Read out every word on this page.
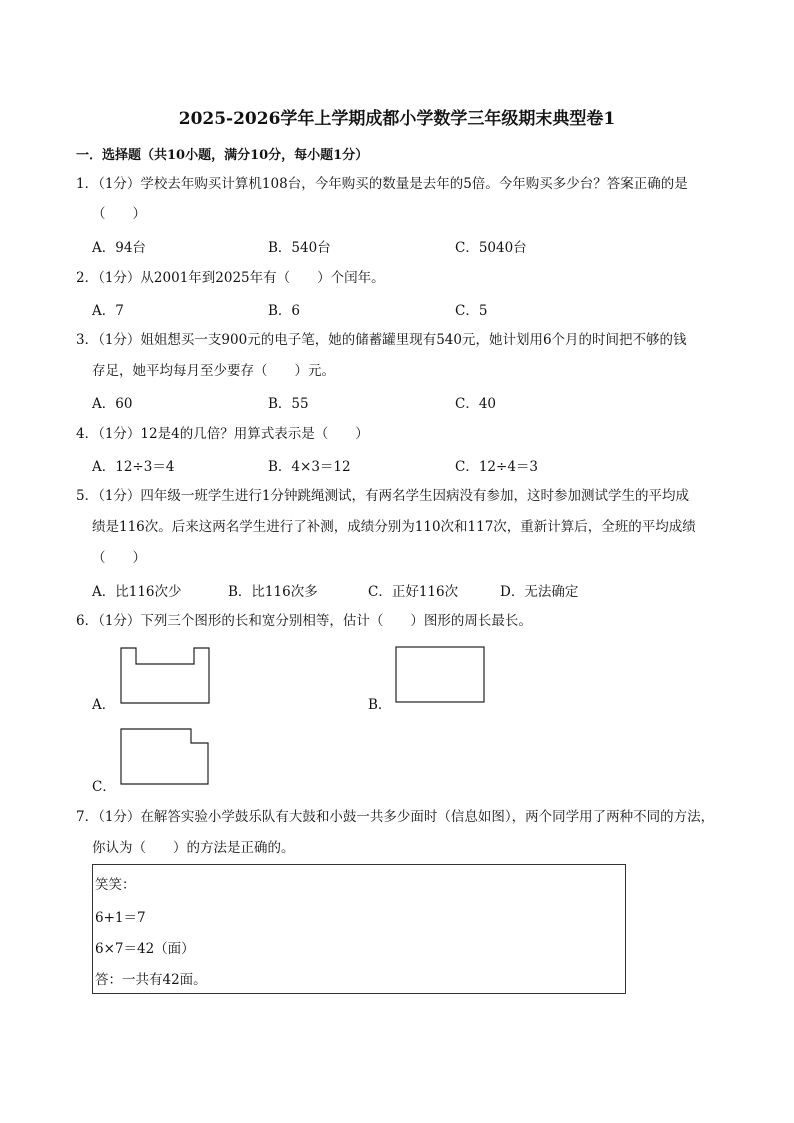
2025-2026学年上学期成都小学数学三年级期末典型卷1
一．选择题（共10小题，满分10分，每小题1分）
1．（1分）学校去年购买计算机108台，今年购买的数量是去年的5倍。今年购买多少台？答案正确的是
（　　）
A．94台	B．540台	C．5040台
2．（1分）从2001年到2025年有（　　）个闰年。
A．7	B．6	C．5
3．（1分）姐姐想买一支900元的电子笔，她的储蓄罐里现有540元，她计划用6个月的时间把不够的钱
存足，她平均每月至少要存（　　）元。
A．60	B．55	C．40
4．（1分）12是4的几倍？用算式表示是（　　）
A．12÷3＝4	B．4×3＝12	C．12÷4＝3
5．（1分）四年级一班学生进行1分钟跳绳测试，有两名学生因病没有参加，这时参加测试学生的平均成
绩是116次。后来这两名学生进行了补测，成绩分别为110次和117次，重新计算后，全班的平均成绩
（　　）
A．比116次少	B．比116次多	C．正好116次	D．无法确定
6．（1分）下列三个图形的长和宽分别相等，估计（　　）图形的周长最长。
A．	B．
C．
7．（1分）在解答实验小学鼓乐队有大鼓和小鼓一共多少面时（信息如图），两个同学用了两种不同的方法，
你认为（　　）的方法是正确的。
笑笑：
6+1＝7
6×7＝42（面）
答：一共有42面。
